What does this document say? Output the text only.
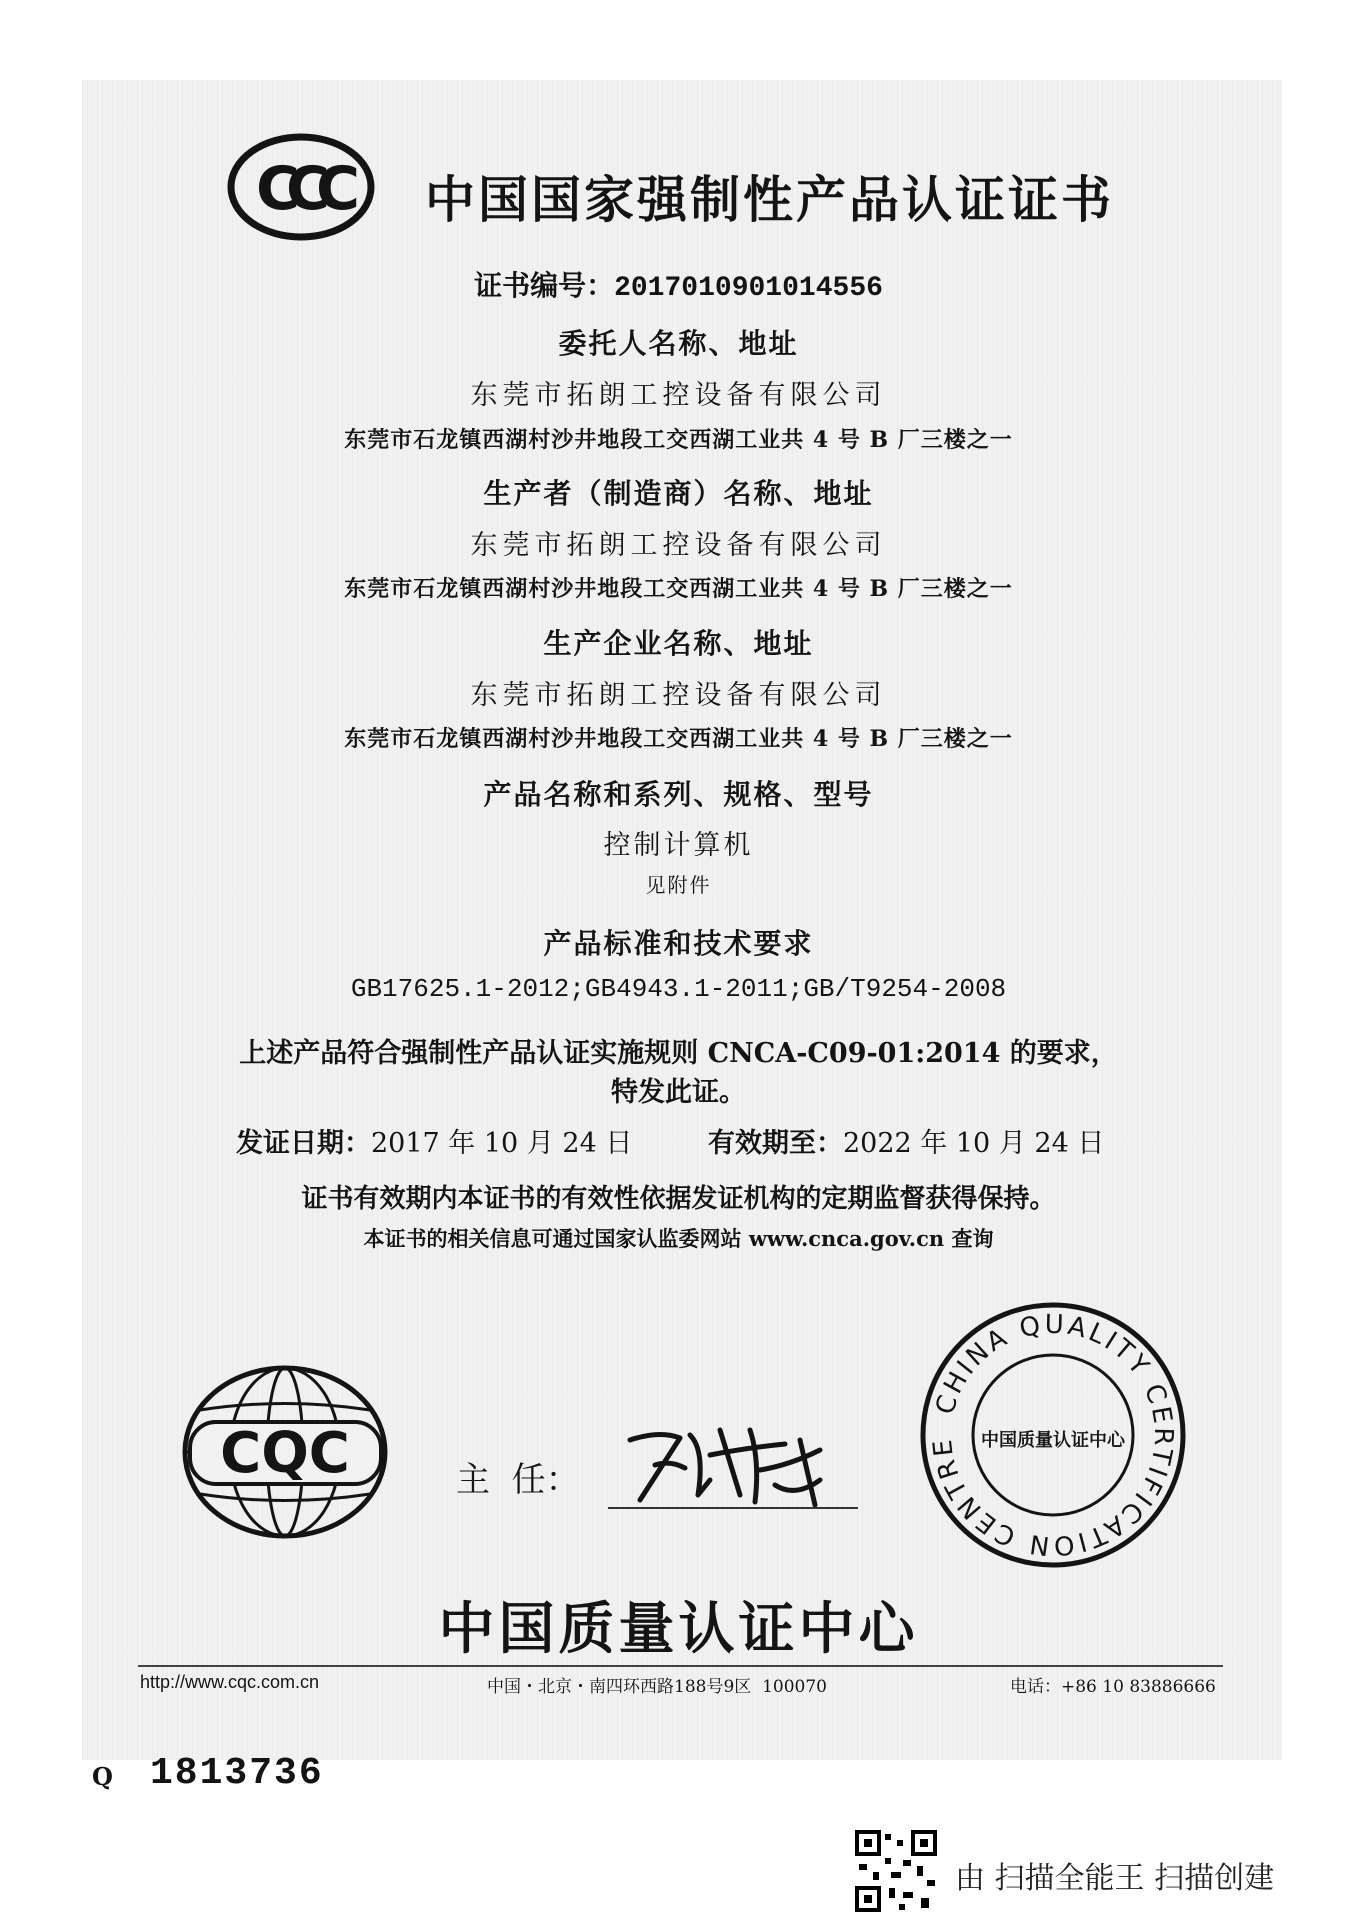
CCC 中国国家强制性产品认证证书
证书编号：2017010901014556
委托人名称、地址
东莞市拓朗工控设备有限公司
东莞市石龙镇西湖村沙井地段工交西湖工业共 4 号 B 厂三楼之一
生产者（制造商）名称、地址
东莞市拓朗工控设备有限公司
东莞市石龙镇西湖村沙井地段工交西湖工业共 4 号 B 厂三楼之一
生产企业名称、地址
东莞市拓朗工控设备有限公司
东莞市石龙镇西湖村沙井地段工交西湖工业共 4 号 B 厂三楼之一
产品名称和系列、规格、型号
控制计算机
见附件
产品标准和技术要求
GB17625.1-2012;GB4943.1-2011;GB/T9254-2008
上述产品符合强制性产品认证实施规则 CNCA-C09-01:2014 的要求，
特发此证。
发证日期：2017 年 10 月 24 日	有效期至：2022 年 10 月 24 日
证书有效期内本证书的有效性依据发证机构的定期监督获得保持。
本证书的相关信息可通过国家认监委网站 www.cnca.gov.cn 查询
CQC	主  任：
CHINA QUALITY CERTIFICATION CENTRE	中国质量认证中心
中国质量认证中心
http://www.cqc.com.cn	中国・北京・南四环西路188号9区  100070	电话：+86 10 83886666
Q 1813736
由 扫描全能王 扫描创建
